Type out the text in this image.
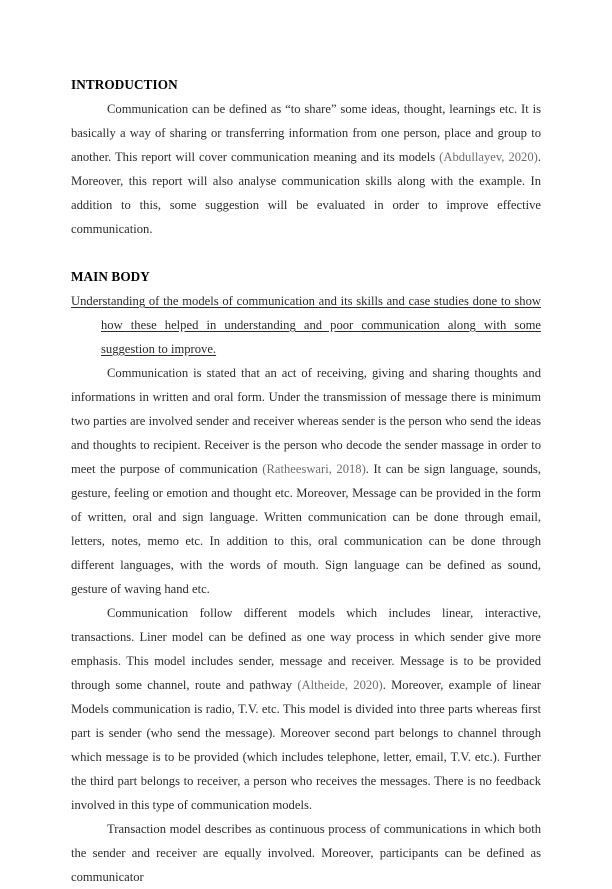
INTRODUCTION

Communication can be defined as “to share” some ideas, thought, learnings etc. It is basically a way of sharing or transferring information from one person, place and group to another. This report will cover communication meaning and its models (Abdullayev, 2020). Moreover, this report will also analyse communication skills along with the example. In addition to this, some suggestion will be evaluated in order to improve effective communication.

MAIN BODY

Understanding of the models of communication and its skills and case studies done to show how these helped in understanding and poor communication along with some suggestion to improve.

Communication is stated that an act of receiving, giving and sharing thoughts and informations in written and oral form. Under the transmission of message there is minimum two parties are involved sender and receiver whereas sender is the person who send the ideas and thoughts to recipient. Receiver is the person who decode the sender massage in order to meet the purpose of communication (Ratheeswari, 2018). It can be sign language, sounds, gesture, feeling or emotion and thought etc. Moreover, Message can be provided in the form of written, oral and sign language. Written communication can be done through email, letters, notes, memo etc. In addition to this, oral communication can be done through different languages, with the words of mouth. Sign language can be defined as sound, gesture of waving hand etc.

Communication follow different models which includes linear, interactive, transactions. Liner model can be defined as one way process in which sender give more emphasis. This model includes sender, message and receiver. Message is to be provided through some channel, route and pathway (Altheide, 2020). Moreover, example of linear Models communication is radio, T.V. etc. This model is divided into three parts whereas first part is sender (who send the message). Moreover second part belongs to channel through which message is to be provided (which includes telephone, letter, email, T.V. etc.). Further the third part belongs to receiver, a person who receives the messages. There is no feedback involved in this type of communication models.

Transaction model describes as continuous process of communications in which both the sender and receiver are equally involved. Moreover, participants can be defined as communicator
